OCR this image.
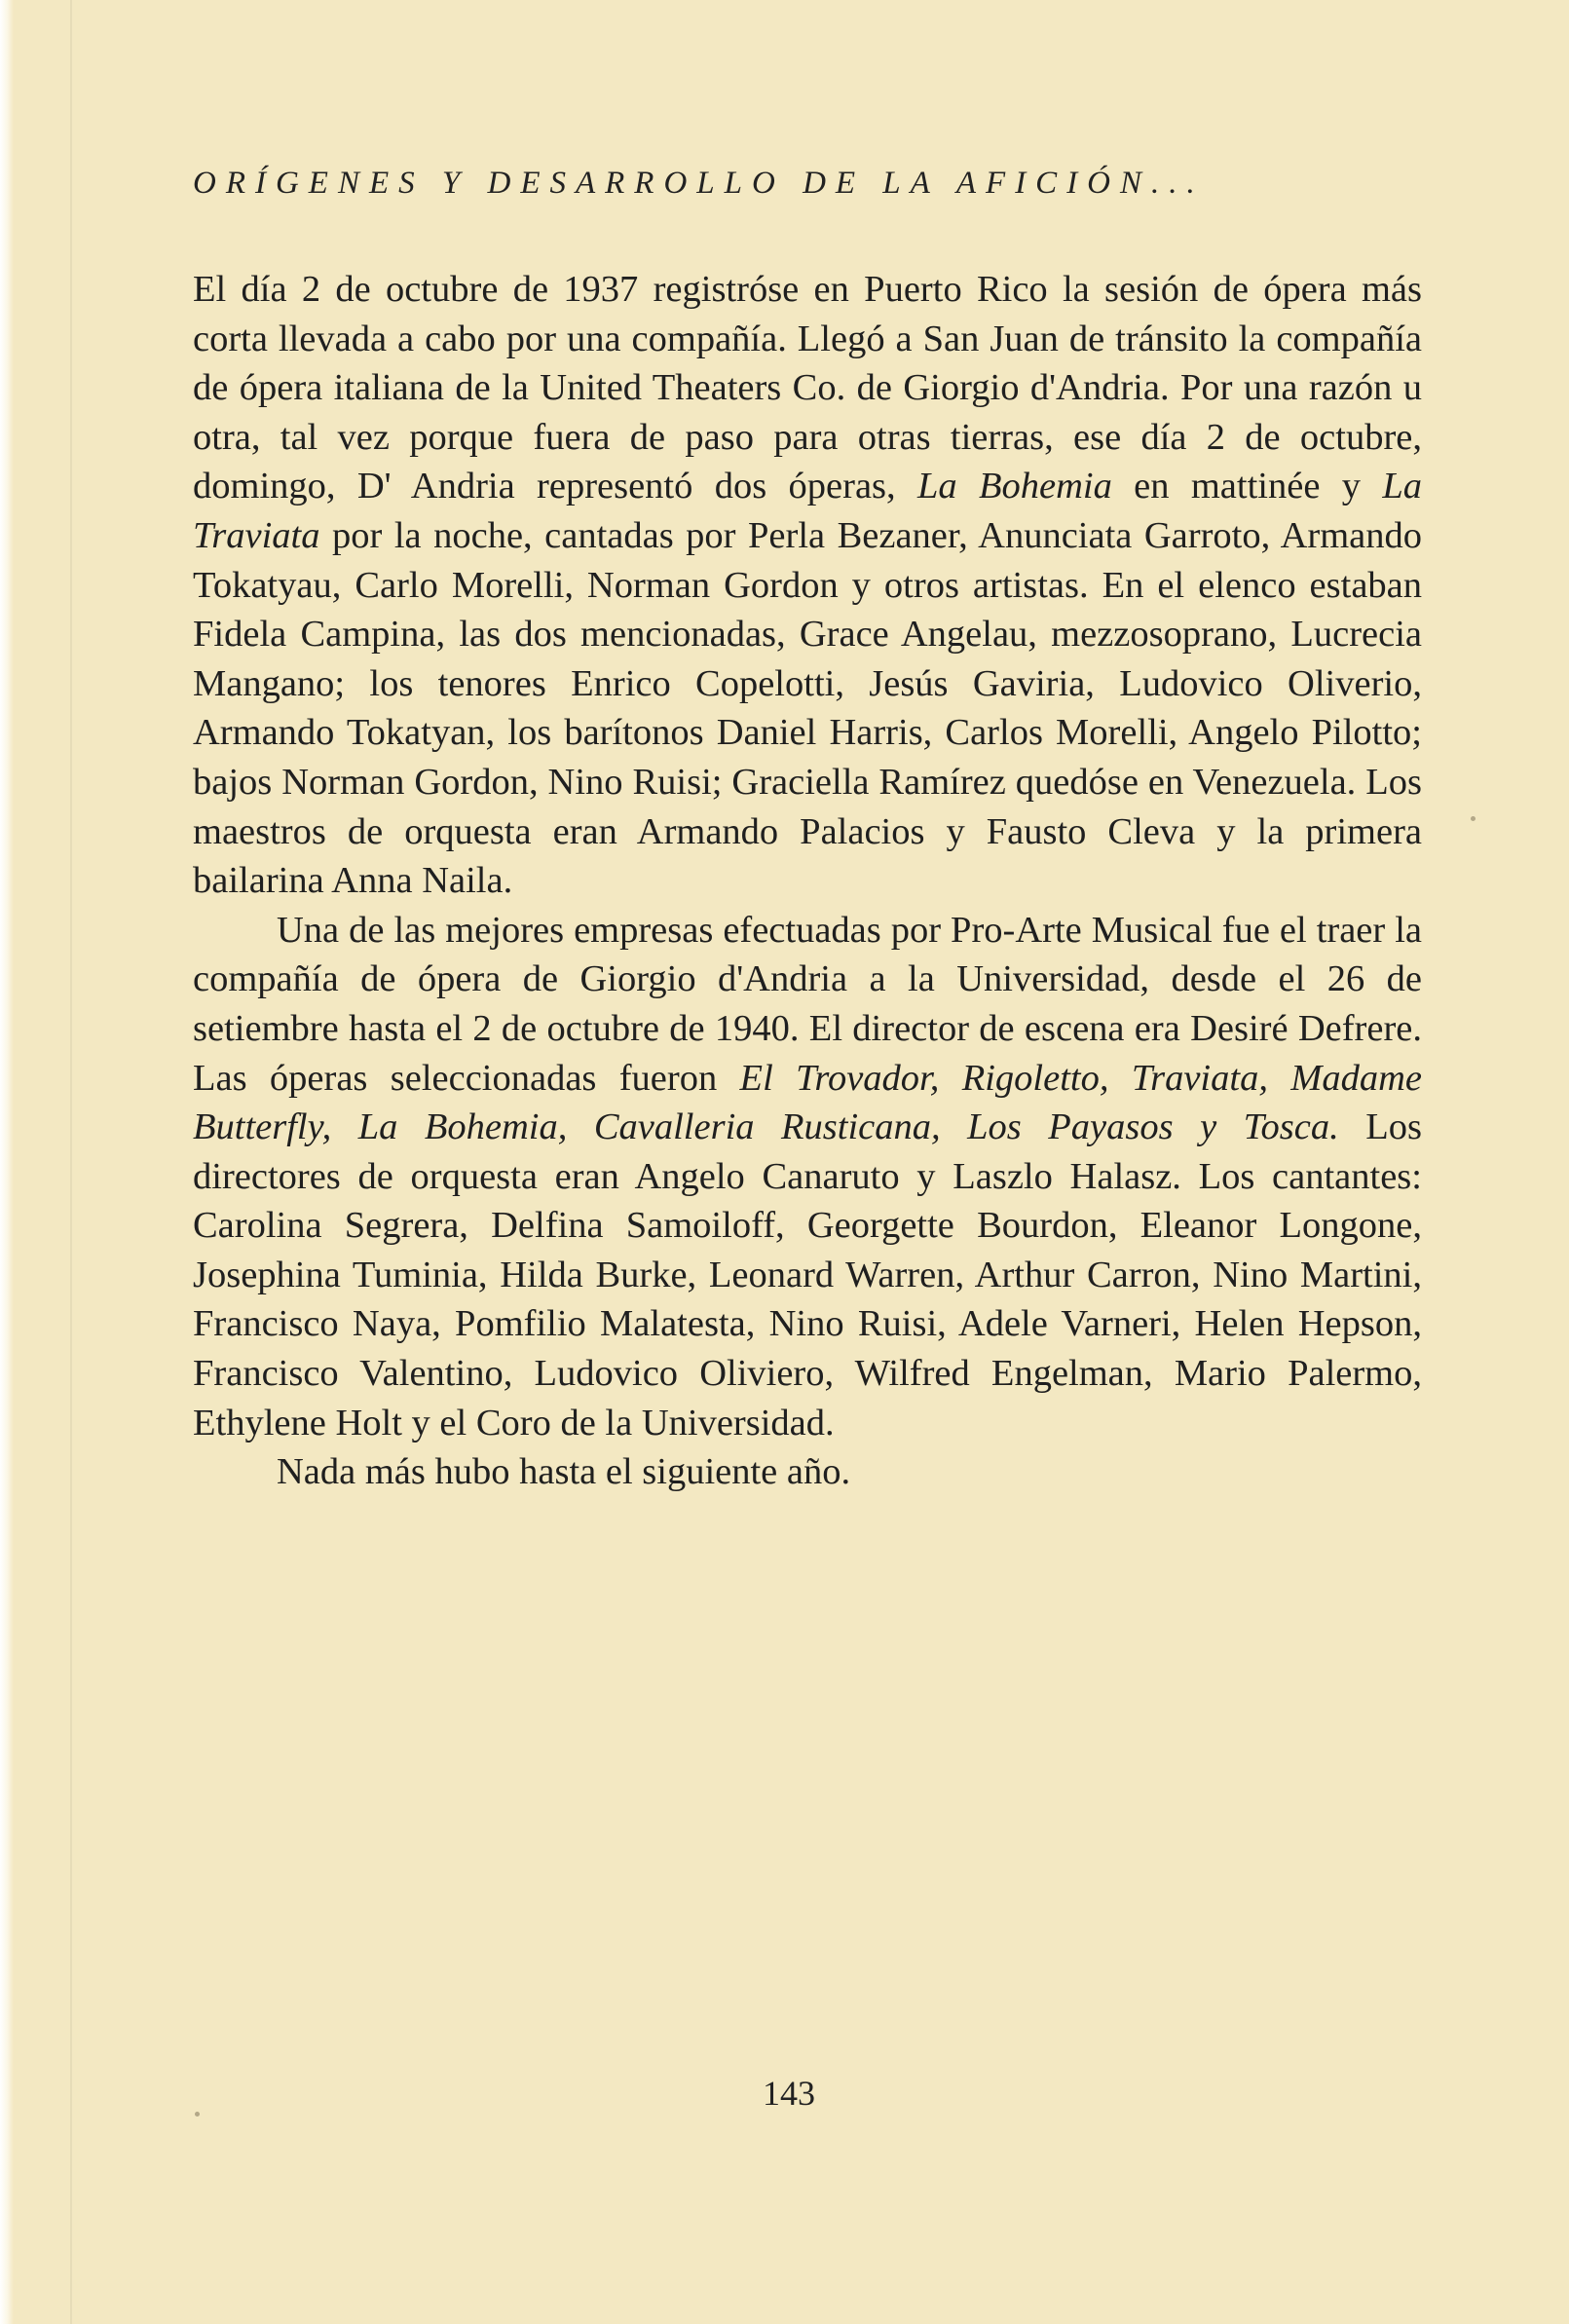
ORÍGENES Y DESARROLLO DE LA AFICIÓN...

El día 2 de octubre de 1937 registróse en Puerto Rico la sesión de ópera más corta llevada a cabo por una compañía. Llegó a San Juan de tránsito la compañía de ópera italiana de la United Theaters Co. de Giorgio d'Andria. Por una razón u otra, tal vez porque fuera de paso para otras tierras, ese día 2 de octubre, domingo, D' Andria representó dos óperas, La Bohemia en mattinée y La Traviata por la noche, cantadas por Perla Bezaner, Anunciata Garroto, Armando Tokatyau, Carlo Morelli, Norman Gordon y otros artistas. En el elenco estaban Fidela Campina, las dos mencionadas, Grace Angelau, mezzosoprano, Lucrecia Mangano; los tenores Enrico Copelotti, Jesús Gaviria, Ludovico Oliverio, Armando Tokatyan, los barítonos Daniel Harris, Carlos Morelli, Angelo Pilotto; bajos Norman Gordon, Nino Ruisi; Graciella Ramírez quedóse en Venezuela. Los maestros de orquesta eran Armando Palacios y Fausto Cleva y la primera bailarina Anna Naila.

Una de las mejores empresas efectuadas por Pro-Arte Musical fue el traer la compañía de ópera de Giorgio d'Andria a la Universidad, desde el 26 de setiembre hasta el 2 de octubre de 1940. El director de escena era Desiré Defrere. Las óperas seleccionadas fueron El Trovador, Rigoletto, Traviata, Madame Butterfly, La Bohemia, Cavalleria Rusticana, Los Payasos y Tosca. Los directores de orquesta eran Angelo Canaruto y Laszlo Halasz. Los cantantes: Carolina Segrera, Delfina Samoiloff, Georgette Bourdon, Eleanor Longone, Josephina Tuminia, Hilda Burke, Leonard Warren, Arthur Carron, Nino Martini, Francisco Naya, Pomfilio Malatesta, Nino Ruisi, Adele Varneri, Helen Hepson, Francisco Valentino, Ludovico Oliviero, Wilfred Engelman, Mario Palermo, Ethylene Holt y el Coro de la Universidad.

Nada más hubo hasta el siguiente año.

143
